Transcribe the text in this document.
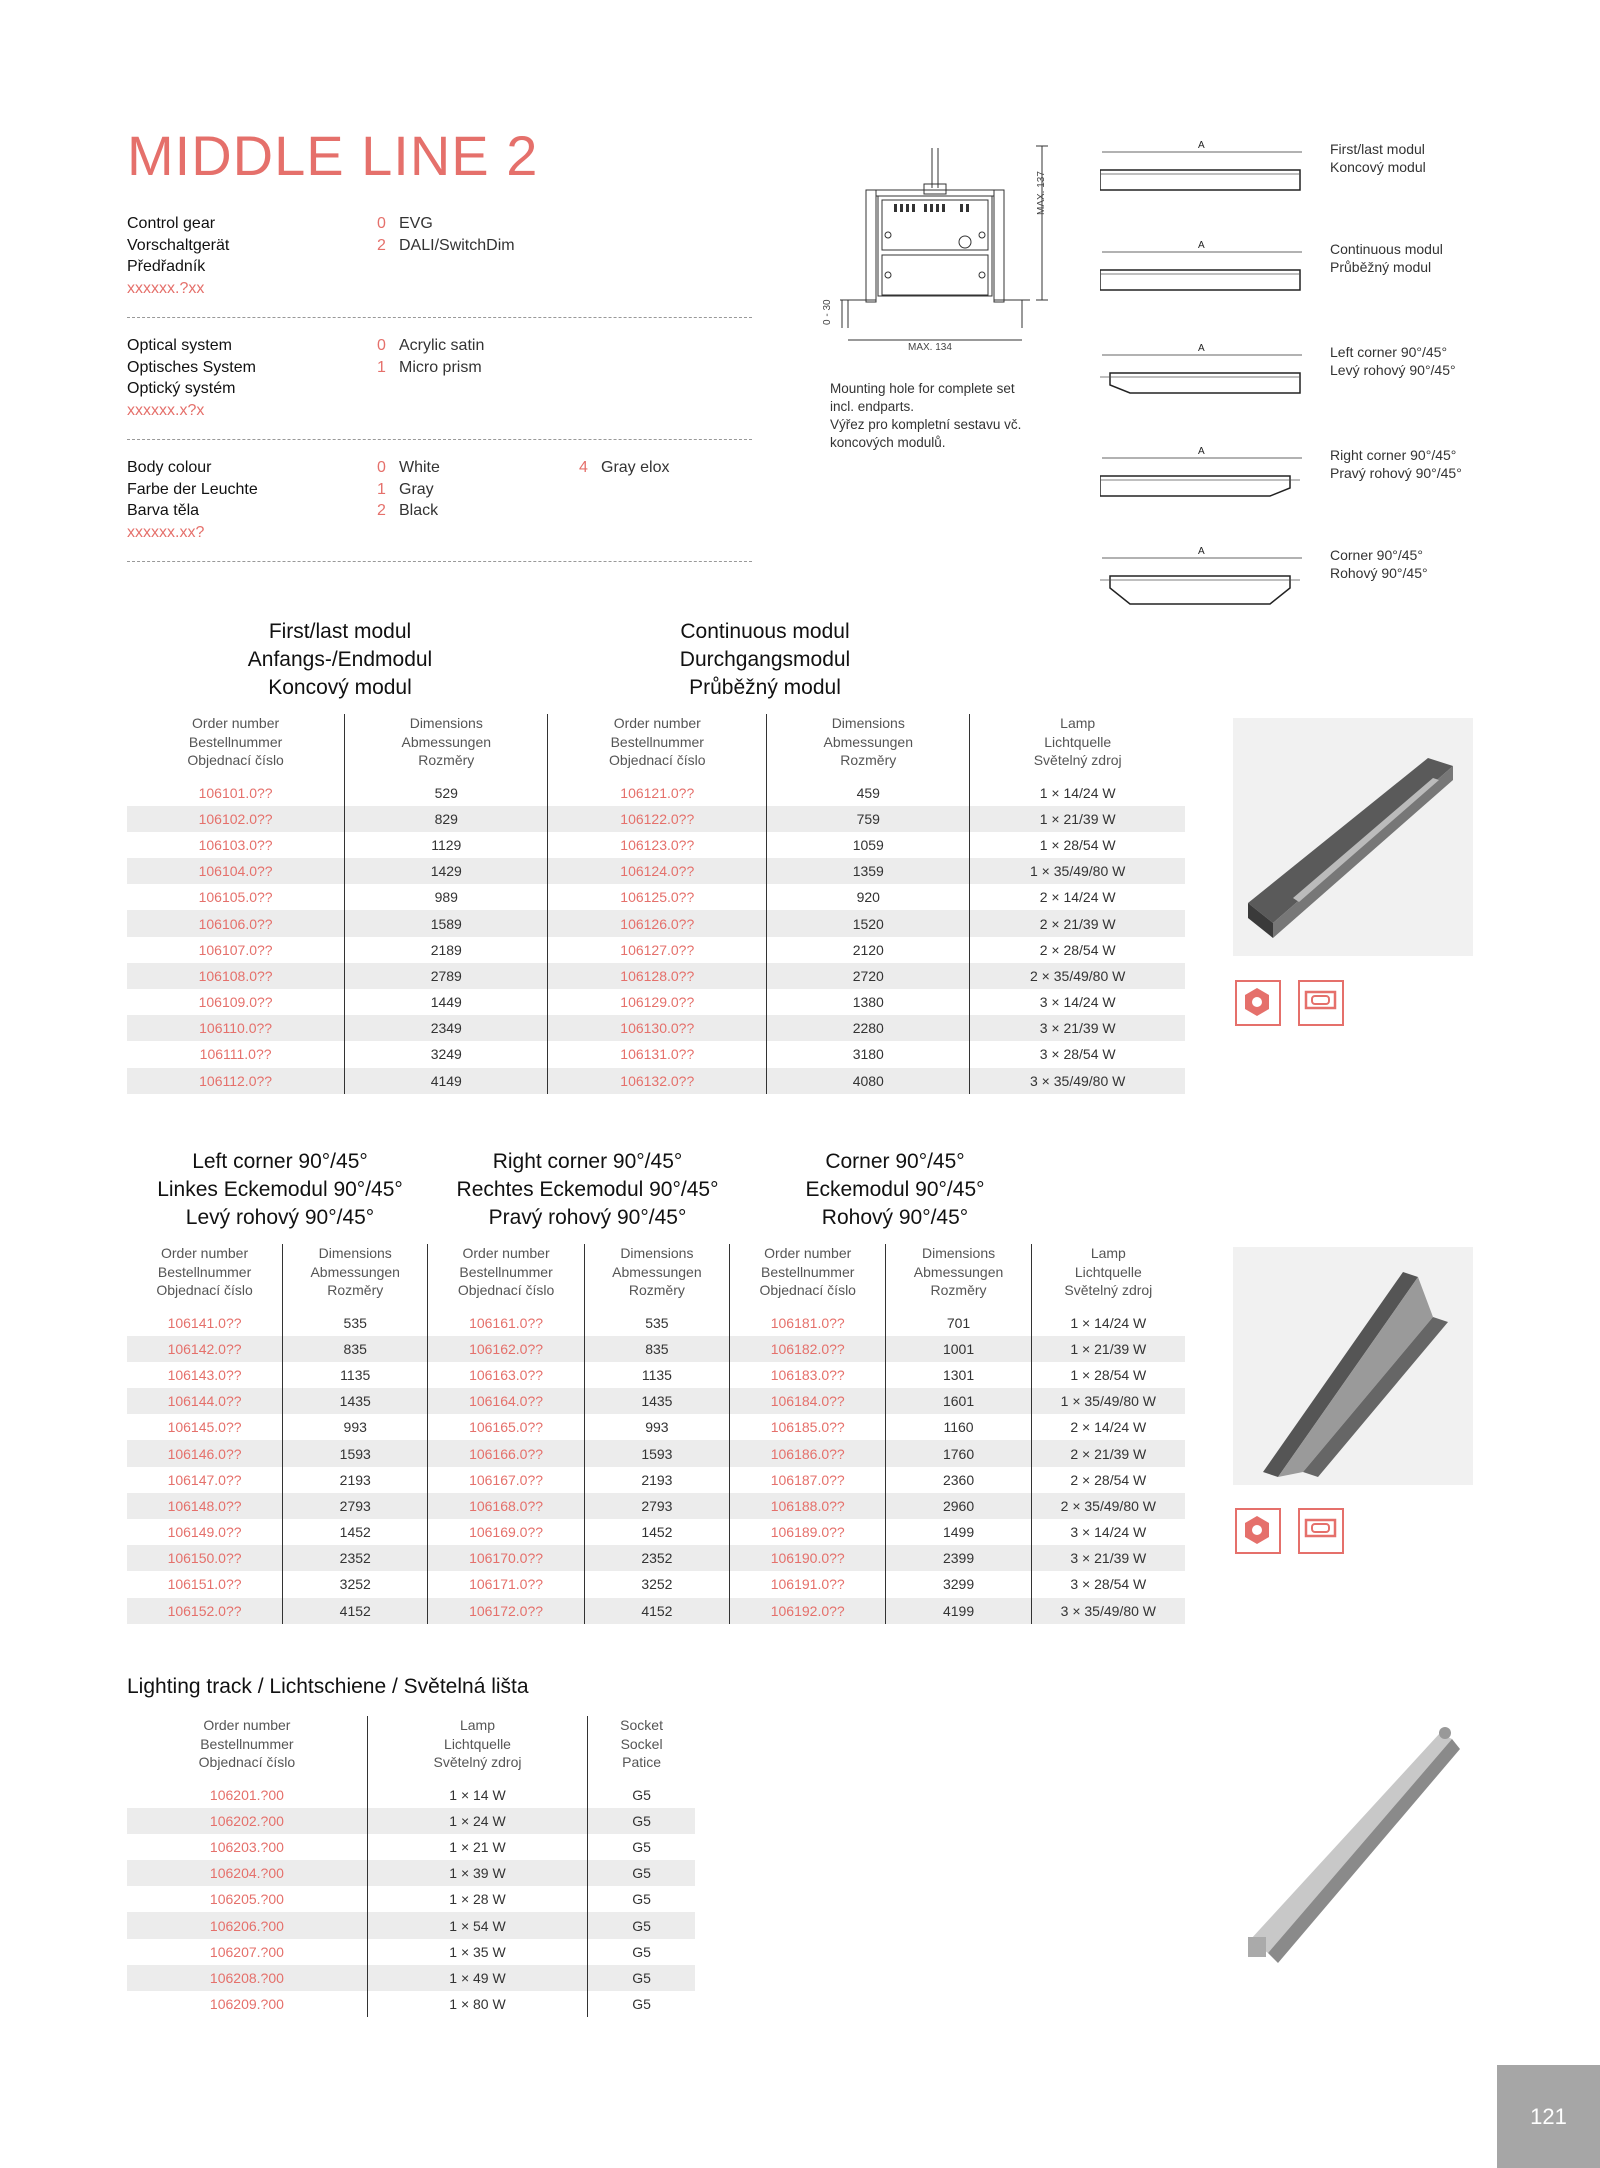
MIDDLE LINE 2
Control gear
Vorschaltgerät
Předřadník
xxxxxx.?xx
0 EVG
2 DALI/SwitchDim
Optical system
Optisches System
Optický systém
xxxxxx.x?x
0 Acrylic satin
1 Micro prism
Body colour
Farbe der Leuchte
Barva těla
xxxxxx.xx?
0 White
1 Gray
2 Black
4 Gray elox
MAX. 137
MAX. 134
0 - 30
Mounting hole for complete set
incl. endparts.
Výřez pro kompletní sestavu vč.
koncových modulů.
A	First/last modul
Koncový modul
A	Continuous modul
Průběžný modul
A	Left corner 90°/45°
Levý rohový 90°/45°
A	Right corner 90°/45°
Pravý rohový 90°/45°
A	Corner 90°/45°
Rohový 90°/45°
First/last modul
Anfangs-/Endmodul
Koncový modul
Continuous modul
Durchgangsmodul
Průběžný modul
Order number
Bestellnummer
Objednací číslo	Dimensions
Abmessungen
Rozměry	Order number
Bestellnummer
Objednací číslo	Dimensions
Abmessungen
Rozměry	Lamp
Lichtquelle
Světelný zdroj
106101.0??	529	106121.0??	459	1 × 14/24 W
106102.0??	829	106122.0??	759	1 × 21/39 W
106103.0??	1129	106123.0??	1059	1 × 28/54 W
106104.0??	1429	106124.0??	1359	1 × 35/49/80 W
106105.0??	989	106125.0??	920	2 × 14/24 W
106106.0??	1589	106126.0??	1520	2 × 21/39 W
106107.0??	2189	106127.0??	2120	2 × 28/54 W
106108.0??	2789	106128.0??	2720	2 × 35/49/80 W
106109.0??	1449	106129.0??	1380	3 × 14/24 W
106110.0??	2349	106130.0??	2280	3 × 21/39 W
106111.0??	3249	106131.0??	3180	3 × 28/54 W
106112.0??	4149	106132.0??	4080	3 × 35/49/80 W
Left corner 90°/45°
Linkes Eckemodul 90°/45°
Levý rohový 90°/45°
Right corner 90°/45°
Rechtes Eckemodul 90°/45°
Pravý rohový 90°/45°
Corner 90°/45°
Eckemodul 90°/45°
Rohový 90°/45°
Order number
Bestellnummer
Objednací číslo	Dimensions
Abmessungen
Rozměry	Order number
Bestellnummer
Objednací číslo	Dimensions
Abmessungen
Rozměry	Order number
Bestellnummer
Objednací číslo	Dimensions
Abmessungen
Rozměry	Lamp
Lichtquelle
Světelný zdroj
106141.0??	535	106161.0??	535	106181.0??	701	1 × 14/24 W
106142.0??	835	106162.0??	835	106182.0??	1001	1 × 21/39 W
106143.0??	1135	106163.0??	1135	106183.0??	1301	1 × 28/54 W
106144.0??	1435	106164.0??	1435	106184.0??	1601	1 × 35/49/80 W
106145.0??	993	106165.0??	993	106185.0??	1160	2 × 14/24 W
106146.0??	1593	106166.0??	1593	106186.0??	1760	2 × 21/39 W
106147.0??	2193	106167.0??	2193	106187.0??	2360	2 × 28/54 W
106148.0??	2793	106168.0??	2793	106188.0??	2960	2 × 35/49/80 W
106149.0??	1452	106169.0??	1452	106189.0??	1499	3 × 14/24 W
106150.0??	2352	106170.0??	2352	106190.0??	2399	3 × 21/39 W
106151.0??	3252	106171.0??	3252	106191.0??	3299	3 × 28/54 W
106152.0??	4152	106172.0??	4152	106192.0??	4199	3 × 35/49/80 W
Lighting track / Lichtschiene / Světelná lišta
Order number
Bestellnummer
Objednací číslo	Lamp
Lichtquelle
Světelný zdroj	Socket
Sockel
Patice
106201.?00	1 × 14 W	G5
106202.?00	1 × 24 W	G5
106203.?00	1 × 21 W	G5
106204.?00	1 × 39 W	G5
106205.?00	1 × 28 W	G5
106206.?00	1 × 54 W	G5
106207.?00	1 × 35 W	G5
106208.?00	1 × 49 W	G5
106209.?00	1 × 80 W	G5
121
